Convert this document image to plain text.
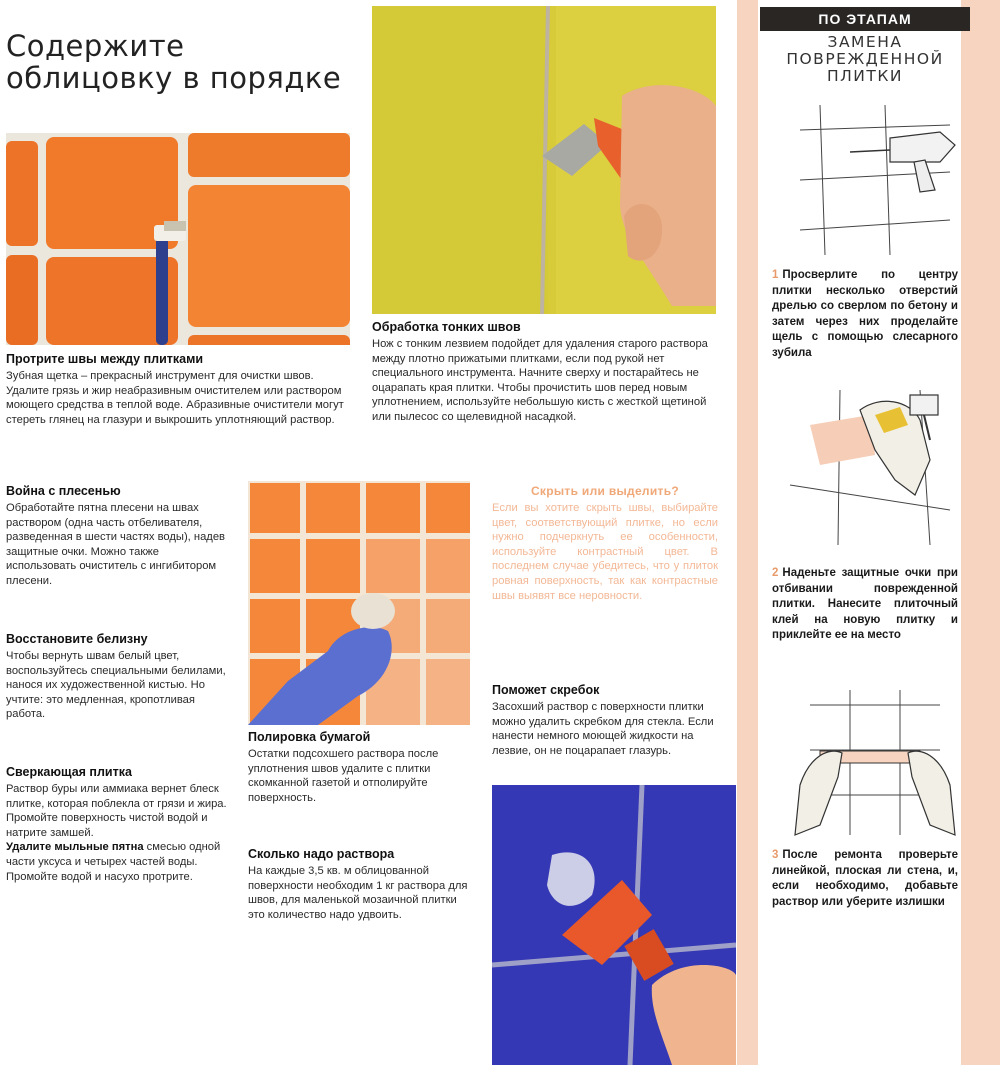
Содержите
облицовку в порядке

Протрите швы между плитками

Зубная щетка – прекрасный инструмент для очистки швов. Удалите грязь и жир неабразивным очистителем или раствором моющего средства в теплой воде. Абразивные очистители могут стереть глянец на глазури и выкрошить уплотняющий раствор.

Обработка тонких швов

Нож с тонким лезвием подойдет для удаления старого раствора между плотно прижатыми плитками, если под рукой нет специального инструмента. Начните сверху и постарайтесь не оцарапать края плитки. Чтобы прочистить шов перед новым уплотнением, используйте небольшую кисть с жесткой щетиной или пылесос со щелевидной насадкой.

Война с плесенью

Обработайте пятна плесени на швах раствором (одна часть отбеливателя, разведенная в шести частях воды), надев защитные очки. Можно также использовать очиститель с ингибитором плесени.

Восстановите белизну

Чтобы вернуть швам белый цвет, воспользуйтесь специальными белилами, нанося их художественной кистью. Но учтите: это медленная, кропотливая работа.

Сверкающая плитка

Раствор буры или аммиака вернет блеск плитке, которая поблекла от грязи и жира. Промойте поверхность чистой водой и натрите замшей.

Удалите мыльные пятна смесью одной части уксуса и четырех частей воды. Промойте водой и насухо протрите.

Полировка бумагой

Остатки подсохшего раствора после уплотнения швов удалите с плитки скомканной газетой и отполируйте поверхность.

Сколько надо раствора

На каждые 3,5 кв. м облицованной поверхности необходим 1 кг раствора для швов, для маленькой мозаичной плитки это количество надо удвоить.

Скрыть или выделить?

Если вы хотите скрыть швы, выбирайте цвет, соответствующий плитке, но если нужно подчеркнуть ее особенности, используйте контрастный цвет. В последнем случае убедитесь, что у плиток ровная поверхность, так как контрастные швы выявят все неровности.

Поможет скребок

Засохший раствор с поверхности плитки можно удалить скребком для стекла. Если нанести немного моющей жидкости на лезвие, он не поцарапает глазурь.

ПО ЭТАПАМ
ЗАМЕНА
ПОВРЕЖДЕННОЙ
ПЛИТКИ
1 Просверлите по центру плитки несколько отверстий дрелью со сверлом по бетону и затем через них проделайте щель с помощью слесарного зубила
2 Наденьте защитные очки при отбивании поврежденной плитки. Нанесите плиточный клей на новую плитку и приклейте ее на место
3 После ремонта проверьте линейкой, плоская ли стена, и, если необходимо, добавьте раствор или уберите излишки
